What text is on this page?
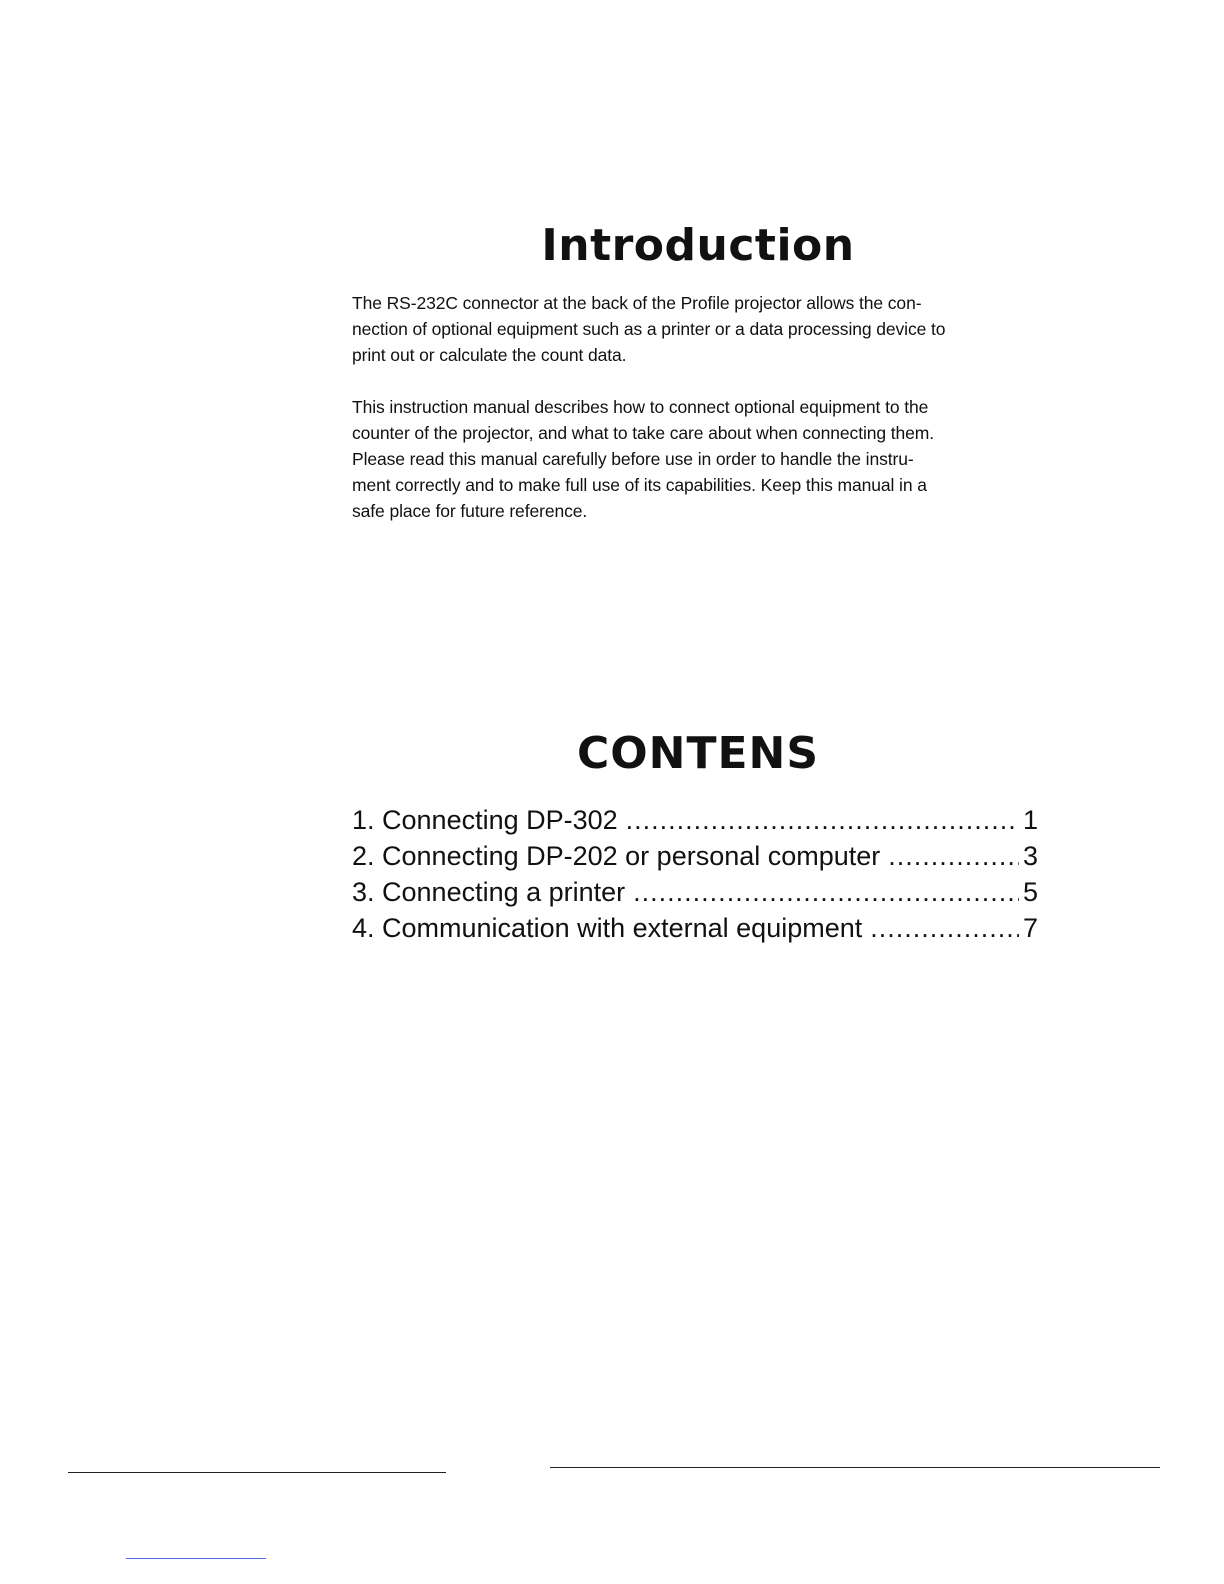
Introduction

The RS-232C connector at the back of the Profile projector allows the con-
nection of optional equipment such as a printer or a data processing device to
print out or calculate the count data.

This instruction manual describes how to connect optional equipment to the
counter of the projector, and what to take care about when connecting them.
Please read this manual carefully before use in order to handle the instru-
ment correctly and to make full use of its capabilities. Keep this manual in a
safe place for future reference.

CONTENS
1. Connecting DP-302 .....	1
2. Connecting DP-202 or personal computer .....	3
3. Connecting a printer .....	5
4. Communication with external equipment .....	7
